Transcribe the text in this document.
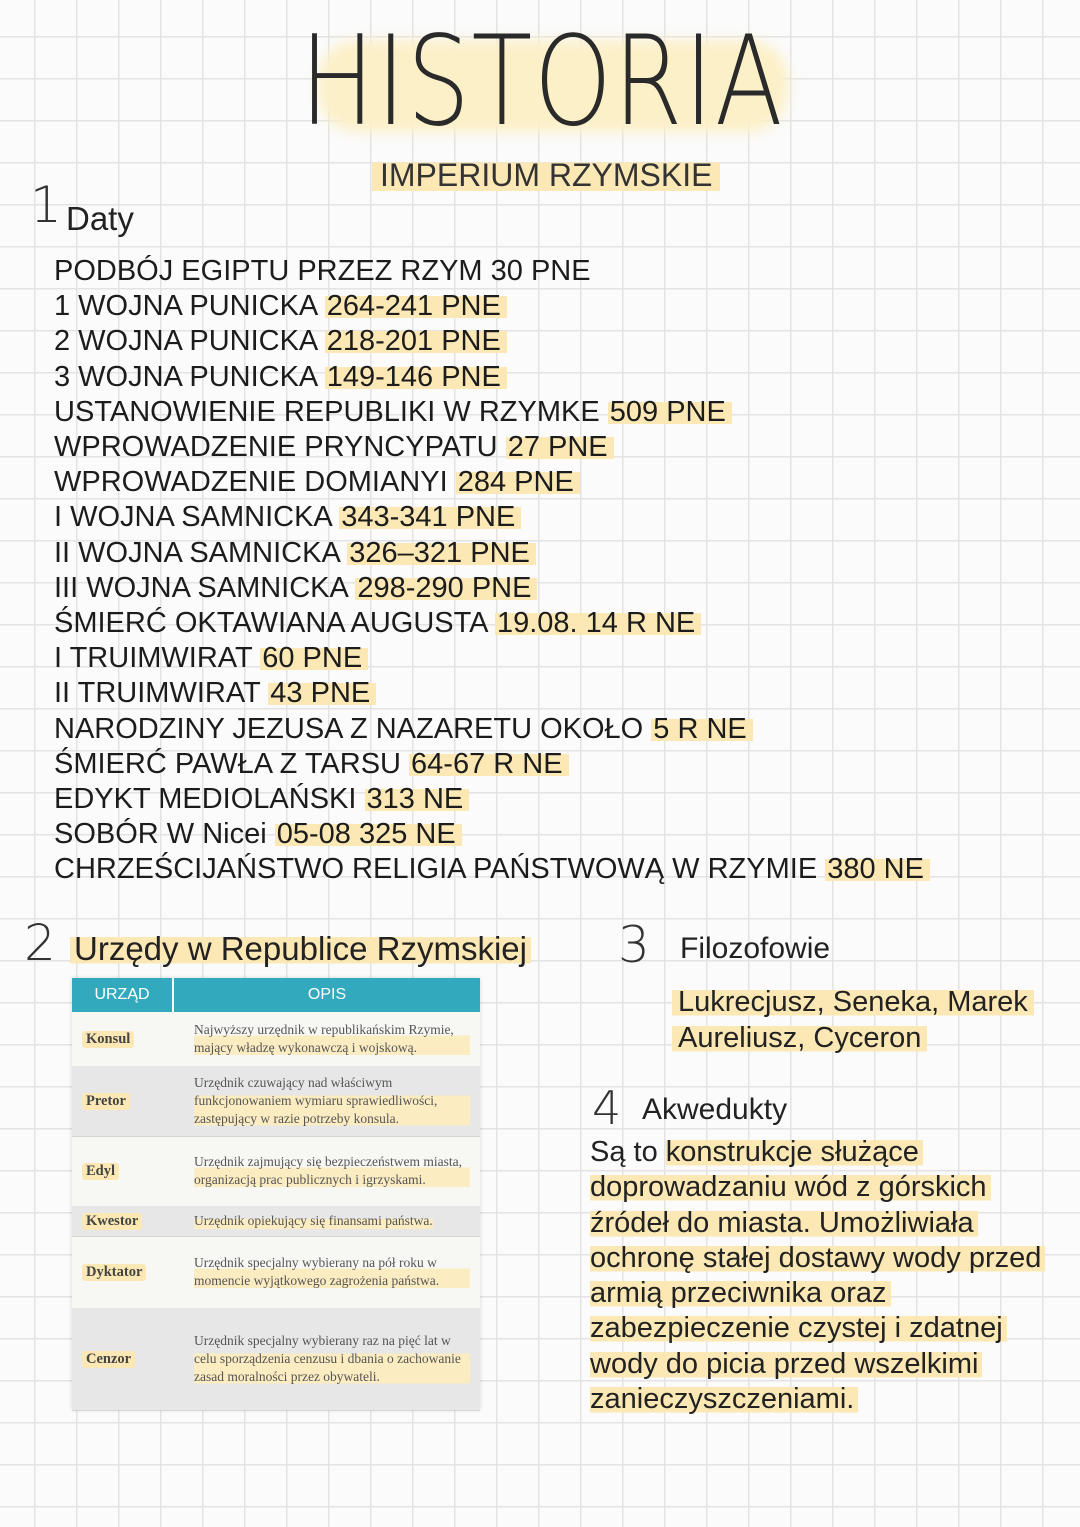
HISTORIA
IMPERIUM RZYMSKIE
1 Daty
PODBÓJ EGIPTU PRZEZ RZYM 30 PNE
1 WOJNA PUNICKA 264-241 PNE
2 WOJNA PUNICKA 218-201 PNE
3 WOJNA PUNICKA 149-146 PNE
USTANOWIENIE REPUBLIKI W RZYMKE 509 PNE
WPROWADZENIE PRYNCYPATU 27 PNE
WPROWADZENIE DOMIANYI 284 PNE
I WOJNA SAMNICKA 343-341 PNE
II WOJNA SAMNICKA 326–321 PNE
III WOJNA SAMNICKA 298-290 PNE
ŚMIERĆ OKTAWIANA AUGUSTA 19.08. 14 R NE
I TRUIMWIRAT 60 PNE
II TRUIMWIRAT 43 PNE
NARODZINY JEZUSA Z NAZARETU OKOŁO 5 R NE
ŚMIERĆ PAWŁA Z TARSU 64-67 R NE
EDYKT MEDIOLAŃSKI 313 NE
SOBÓR W Nicei 05-08 325 NE
CHRZEŚCIJAŃSTWO RELIGIA PAŃSTWOWĄ W RZYMIE 380 NE
2 Urzędy w Republice Rzymskiej
URZĄD	OPIS
Konsul
Najwyższy urzędnik w republikańskim Rzymie, mający władzę wykonawczą i wojskową.
Pretor
Urzędnik czuwający nad właściwym funkcjonowaniem wymiaru sprawiedliwości, zastępujący w razie potrzeby konsula.
Edyl
Urzędnik zajmujący się bezpieczeństwem miasta, organizacją prac publicznych i igrzyskami.
Kwestor	Urzędnik opiekujący się finansami państwa.
Dyktator
Urzędnik specjalny wybierany na pół roku w momencie wyjątkowego zagrożenia państwa.
Cenzor
Urzędnik specjalny wybierany raz na pięć lat w celu sporządzenia cenzusu i dbania o zachowanie zasad moralności przez obywateli.
3 Filozofowie
Lukrecjusz, Seneka, Marek Aureliusz, Cyceron
4 Akwedukty
Są to konstrukcje służące doprowadzaniu wód z górskich źródeł do miasta. Umożliwiała ochronę stałej dostawy wody przed armią przeciwnika oraz zabezpieczenie czystej i zdatnej wody do picia przed wszelkimi zanieczyszczeniami.
